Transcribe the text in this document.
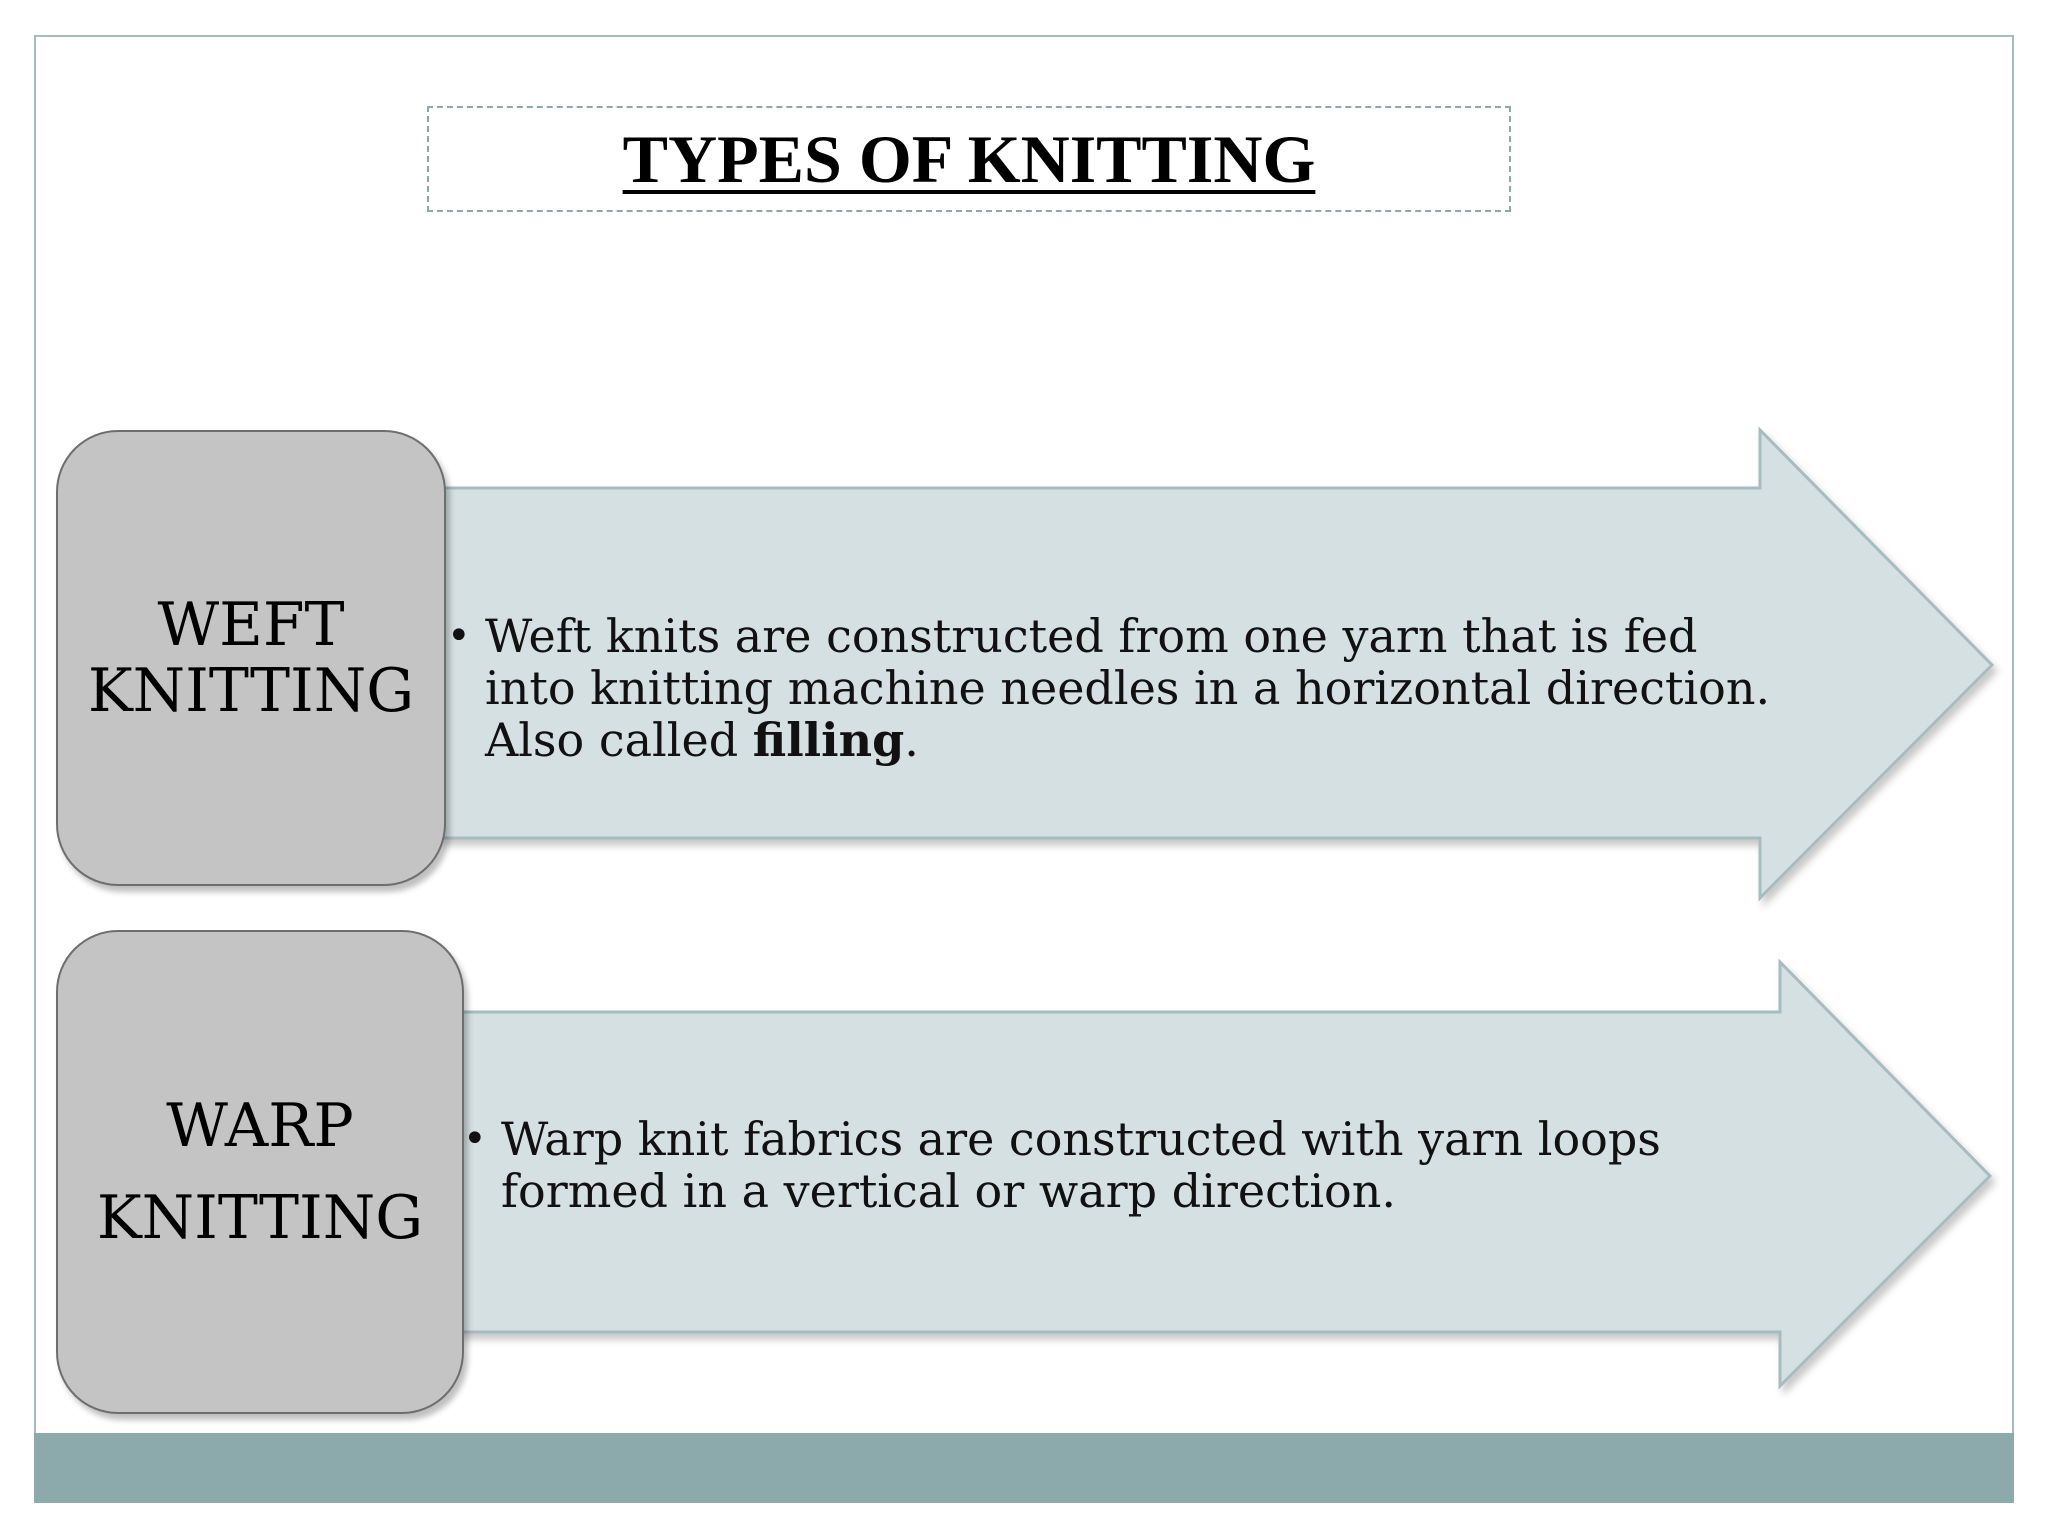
TYPES OF KNITTING
WEFT
KNITTING
WARP
KNITTING
• Weft knits are constructed from one yarn that is fed into knitting machine needles in a horizontal direction. Also called filling.
• Warp knit fabrics are constructed with yarn loops formed in a vertical or warp direction.
